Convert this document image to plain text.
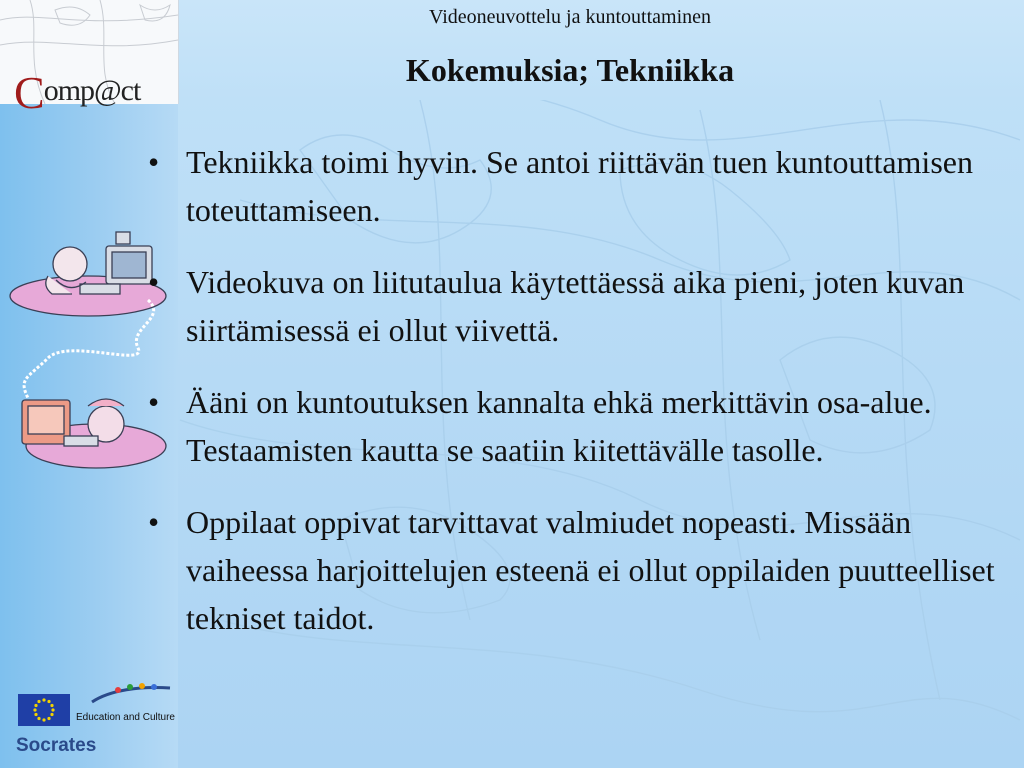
Comp@ct
Videoneuvottelu ja kuntouttaminen
Kokemuksia; Tekniikka
• Tekniikka toimi hyvin. Se antoi riittävän tuen kuntouttamisen toteuttamiseen.
• Videokuva on liitutaulua käytettäessä aika pieni, joten kuvan siirtämisessä ei ollut viivettä.
• Ääni on kuntoutuksen kannalta ehkä merkittävin osa-alue. Testaamisten kautta se saatiin kiitettävälle tasolle.
• Oppilaat oppivat tarvittavat valmiudet nopeasti. Missään vaiheessa harjoittelujen esteenä ei ollut oppilaiden puutteelliset tekniset taidot.
Education and Culture
Socrates
